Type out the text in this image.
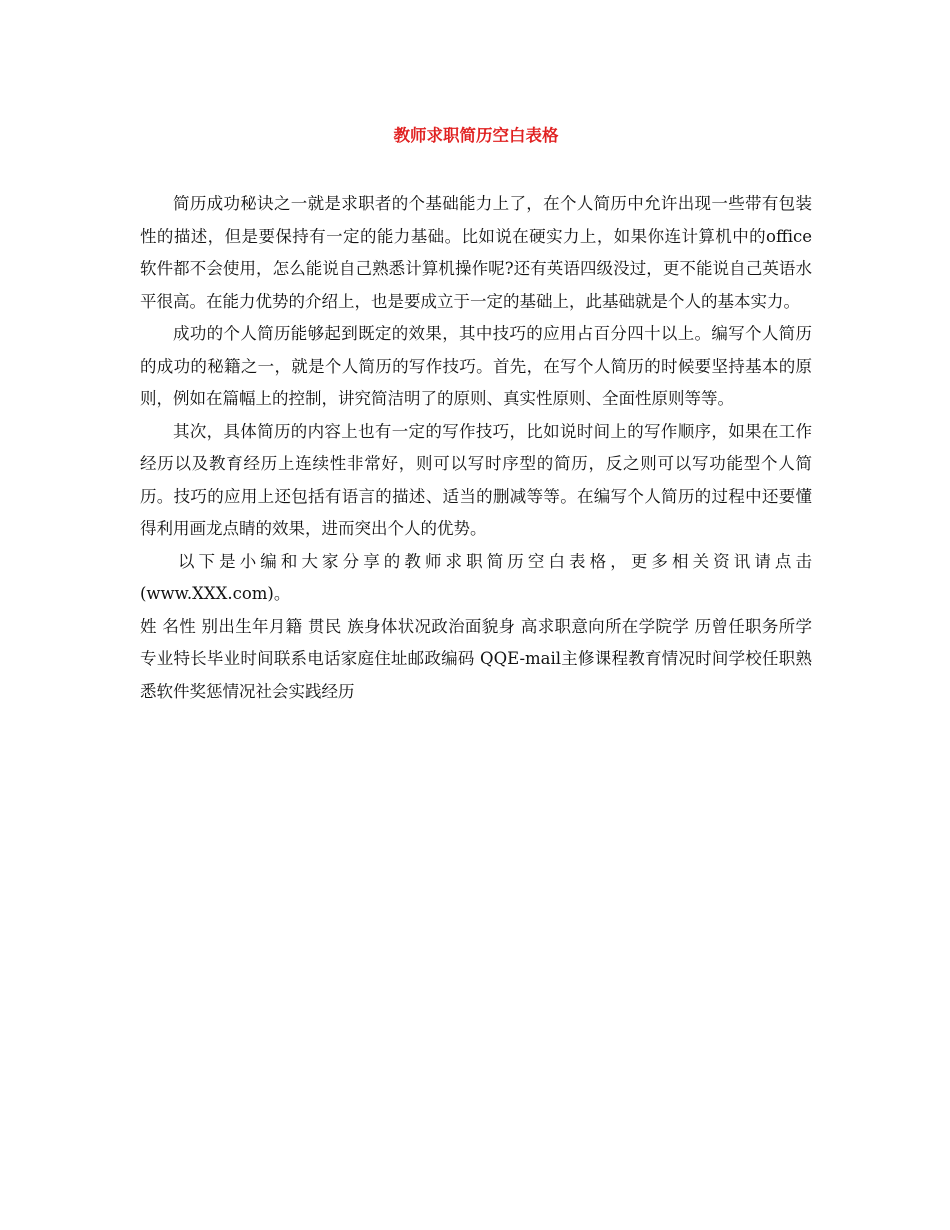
教师求职简历空白表格

简历成功秘诀之一就是求职者的个基础能力上了，在个人简历中允许出现一些带有包装性的描述，但是要保持有一定的能力基础。比如说在硬实力上，如果你连计算机中的office软件都不会使用，怎么能说自己熟悉计算机操作呢?还有英语四级没过，更不能说自己英语水平很高。在能力优势的介绍上，也是要成立于一定的基础上，此基础就是个人的基本实力。

成功的个人简历能够起到既定的效果，其中技巧的应用占百分四十以上。编写个人简历的成功的秘籍之一，就是个人简历的写作技巧。首先，在写个人简历的时候要坚持基本的原则，例如在篇幅上的控制，讲究简洁明了的原则、真实性原则、全面性原则等等。

其次，具体简历的内容上也有一定的写作技巧，比如说时间上的写作顺序，如果在工作经历以及教育经历上连续性非常好，则可以写时序型的简历，反之则可以写功能型个人简历。技巧的应用上还包括有语言的描述、适当的删减等等。在编写个人简历的过程中还要懂得利用画龙点睛的效果，进而突出个人的优势。

以下是小编和大家分享的教师求职简历空白表格，更多相关资讯请点击(www.XXX.com)。

姓 名性 别出生年月籍 贯民 族身体状况政治面貌身 高求职意向所在学院学 历曾任职务所学专业特长毕业时间联系电话家庭住址邮政编码 QQE-mail主修课程教育情况时间学校任职熟悉软件奖惩情况社会实践经历
